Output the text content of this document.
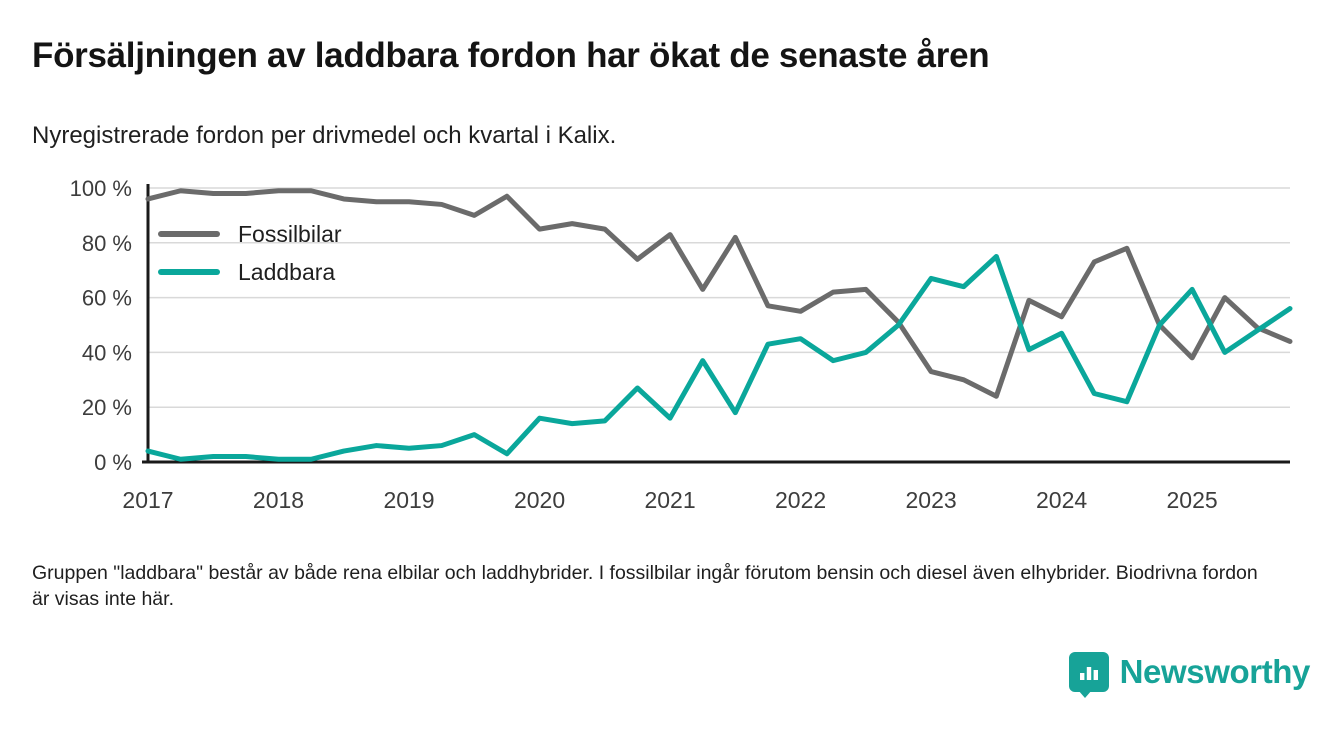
Försäljningen av laddbara fordon har ökat de senaste åren
Nyregistrerade fordon per drivmedel och kvartal i Kalix.
0 %
20 %
40 %
60 %
80 %
100 %
2017	2018	2019	2020	2021	2022	2023	2024	2025
Fossilbilar
Laddbara
Gruppen "laddbara" består av både rena elbilar och laddhybrider. I fossilbilar ingår förutom bensin och diesel även elhybrider. Biodrivna fordon är visas inte här.
Newsworthy
